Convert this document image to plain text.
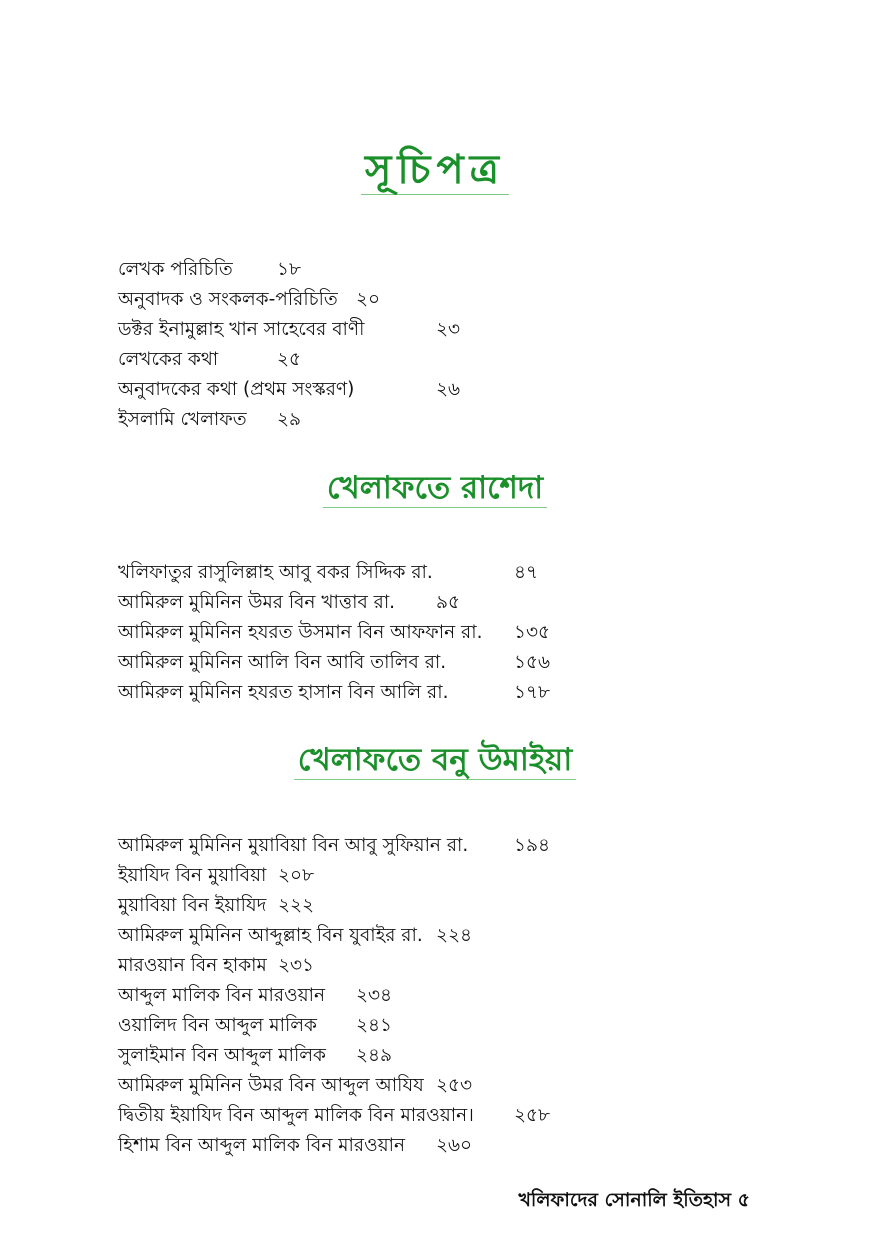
সূচিপত্র
লেখক পরিচিতি ১৮
অনুবাদক ও সংকলক-পরিচিতি ২০
ডক্টর ইনামুল্লাহ খান সাহেবের বাণী	২৩
লেখকের কথা	২৫
অনুবাদকের কথা (প্রথম সংস্করণ)	২৬
ইসলামি খেলাফত ২৯
খেলাফতে রাশেদা
খলিফাতুর রাসুলিল্লাহ আবু বকর সিদ্দিক রা.	৪৭
আমিরুল মুমিনিন উমর বিন খাত্তাব রা. ৯৫
আমিরুল মুমিনিন হযরত উসমান বিন আফফান রা. ১৩৫
আমিরুল মুমিনিন আলি বিন আবি তালিব রা.	১৫৬
আমিরুল মুমিনিন হযরত হাসান বিন আলি রা.	১৭৮
খেলাফতে বনু উমাইয়া
আমিরুল মুমিনিন মুয়াবিয়া বিন আবু সুফিয়ান রা. ১৯৪
ইয়াযিদ বিন মুয়াবিয়া ২০৮
মুয়াবিয়া বিন ইয়াযিদ ২২২
আমিরুল মুমিনিন আব্দুল্লাহ বিন যুবাইর রা. ২২৪
মারওয়ান বিন হাকাম ২৩১
আব্দুল মালিক বিন মারওয়ান ২৩৪
ওয়ালিদ বিন আব্দুল মালিক ২৪১
সুলাইমান বিন আব্দুল মালিক ২৪৯
আমিরুল মুমিনিন উমর বিন আব্দুল আযিয ২৫৩
দ্বিতীয় ইয়াযিদ বিন আব্দুল মালিক বিন মারওয়ান। ২৫৮
হিশাম বিন আব্দুল মালিক বিন মারওয়ান ২৬০
খলিফাদের সোনালি ইতিহাস ৫
